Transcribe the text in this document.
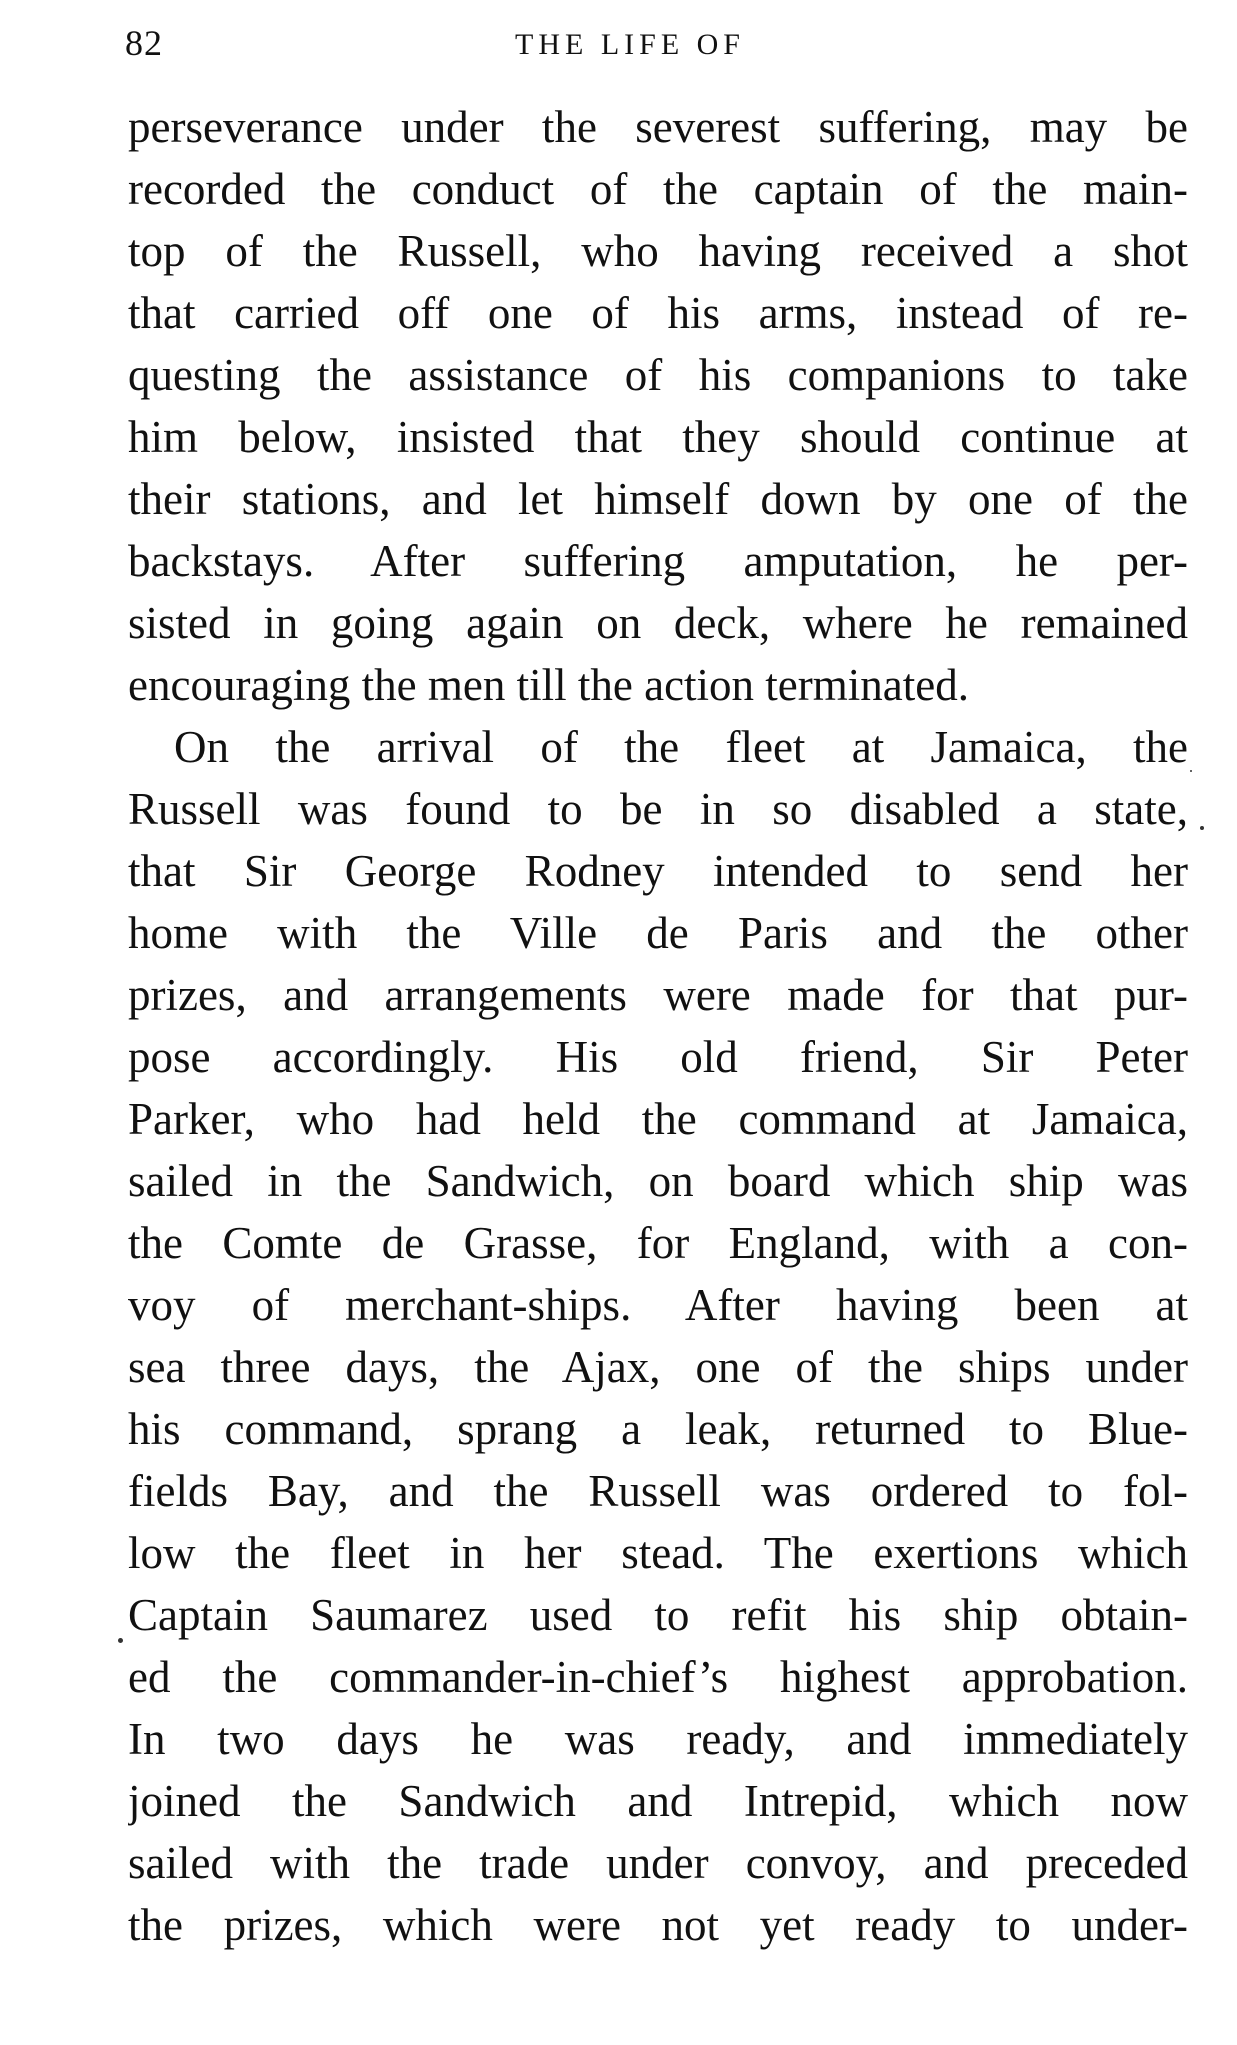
82	THE LIFE OF
perseverance under the severest suffering, may be
recorded the conduct of the captain of the main-
top of the Russell, who having received a shot
that carried off one of his arms, instead of re-
questing the assistance of his companions to take
him below, insisted that they should continue at
their stations, and let himself down by one of the
backstays. After suffering amputation, he per-
sisted in going again on deck, where he remained
encouraging the men till the action terminated.
On the arrival of the fleet at Jamaica, the
Russell was found to be in so disabled a state,
that Sir George Rodney intended to send her
home with the Ville de Paris and the other
prizes, and arrangements were made for that pur-
pose accordingly. His old friend, Sir Peter
Parker, who had held the command at Jamaica,
sailed in the Sandwich, on board which ship was
the Comte de Grasse, for England, with a con-
voy of merchant-ships. After having been at
sea three days, the Ajax, one of the ships under
his command, sprang a leak, returned to Blue-
fields Bay, and the Russell was ordered to fol-
low the fleet in her stead. The exertions which
Captain Saumarez used to refit his ship obtain-
ed the commander-in-chief’s highest approbation.
In two days he was ready, and immediately
joined the Sandwich and Intrepid, which now
sailed with the trade under convoy, and preceded
the prizes, which were not yet ready to under-
